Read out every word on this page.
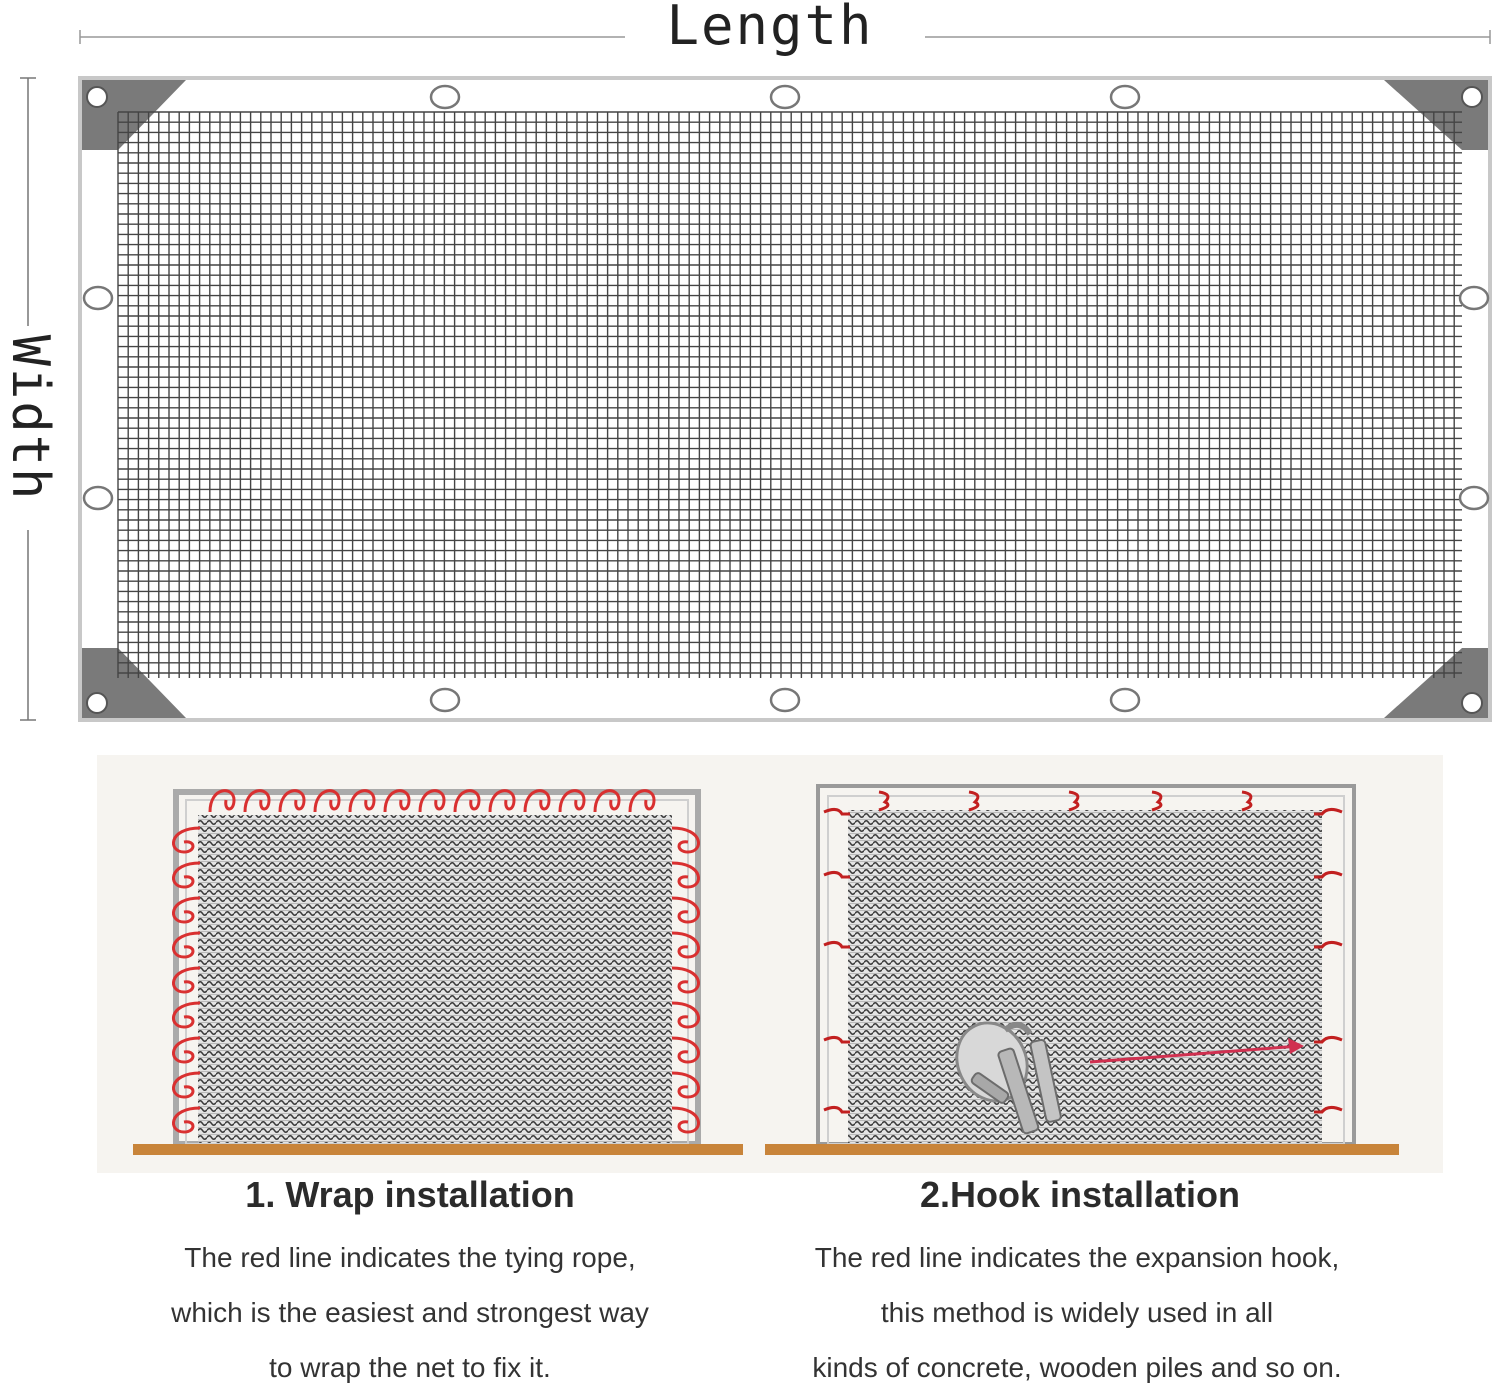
Length
Width
1. Wrap installation
The red line indicates the tying rope,
which is the easiest and strongest way
to wrap the net to fix it.
2.Hook installation
The red line indicates the expansion hook,
this method is widely used in all
kinds of concrete, wooden piles and so on.
